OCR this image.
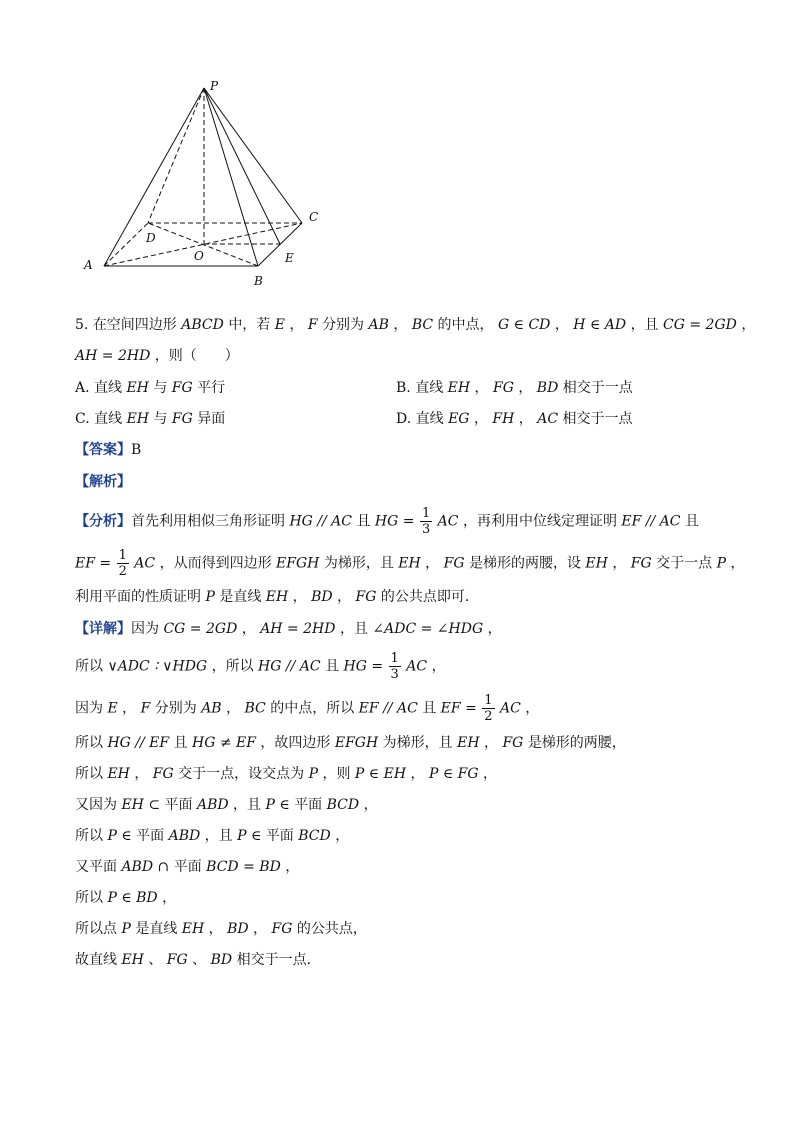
P
A
B
C
D
O	E
5. 在空间四边形 ABCD 中，若 E ， F 分别为 AB ， BC 的中点， G ∈ CD ， H ∈ AD ，且 CG = 2GD ，
AH = 2HD ，则（　　）
A. 直线 EH 与 FG 平行	B. 直线 EH ， FG ， BD 相交于一点
C. 直线 EH 与 FG 异面	D. 直线 EG ， FH ， AC 相交于一点
【答案】B
【解析】
【分析】首先利用相似三角形证明 HG // AC 且 HG = $\frac{1}{3}$ AC ，再利用中位线定理证明 EF // AC 且
EF = $\frac{1}{2}$ AC ，从而得到四边形 EFGH 为梯形，且 EH ， FG 是梯形的两腰，设 EH ， FG 交于一点 P ，
利用平面的性质证明 P 是直线 EH ， BD ， FG 的公共点即可．
【详解】因为 CG = 2GD ， AH = 2HD ，且 ∠ADC = ∠HDG ，
所以 ∨ADC ∶ ∨HDG ，所以 HG // AC 且 HG = $\frac{1}{3}$ AC ，
因为 E ， F 分别为 AB ， BC 的中点，所以 EF // AC 且 EF = $\frac{1}{2}$ AC ，
所以 HG // EF 且 HG ≠ EF ，故四边形 EFGH 为梯形，且 EH ， FG 是梯形的两腰，
所以 EH ， FG 交于一点，设交点为 P ，则 P ∈ EH ， P ∈ FG ，
又因为 EH ⊂ 平面 ABD ，且 P ∈ 平面 BCD ，
所以 P ∈ 平面 ABD ，且 P ∈ 平面 BCD ，
又平面 ABD ∩ 平面 BCD = BD ，
所以 P ∈ BD ，
所以点 P 是直线 EH ， BD ， FG 的公共点，
故直线 EH 、 FG 、 BD 相交于一点．
